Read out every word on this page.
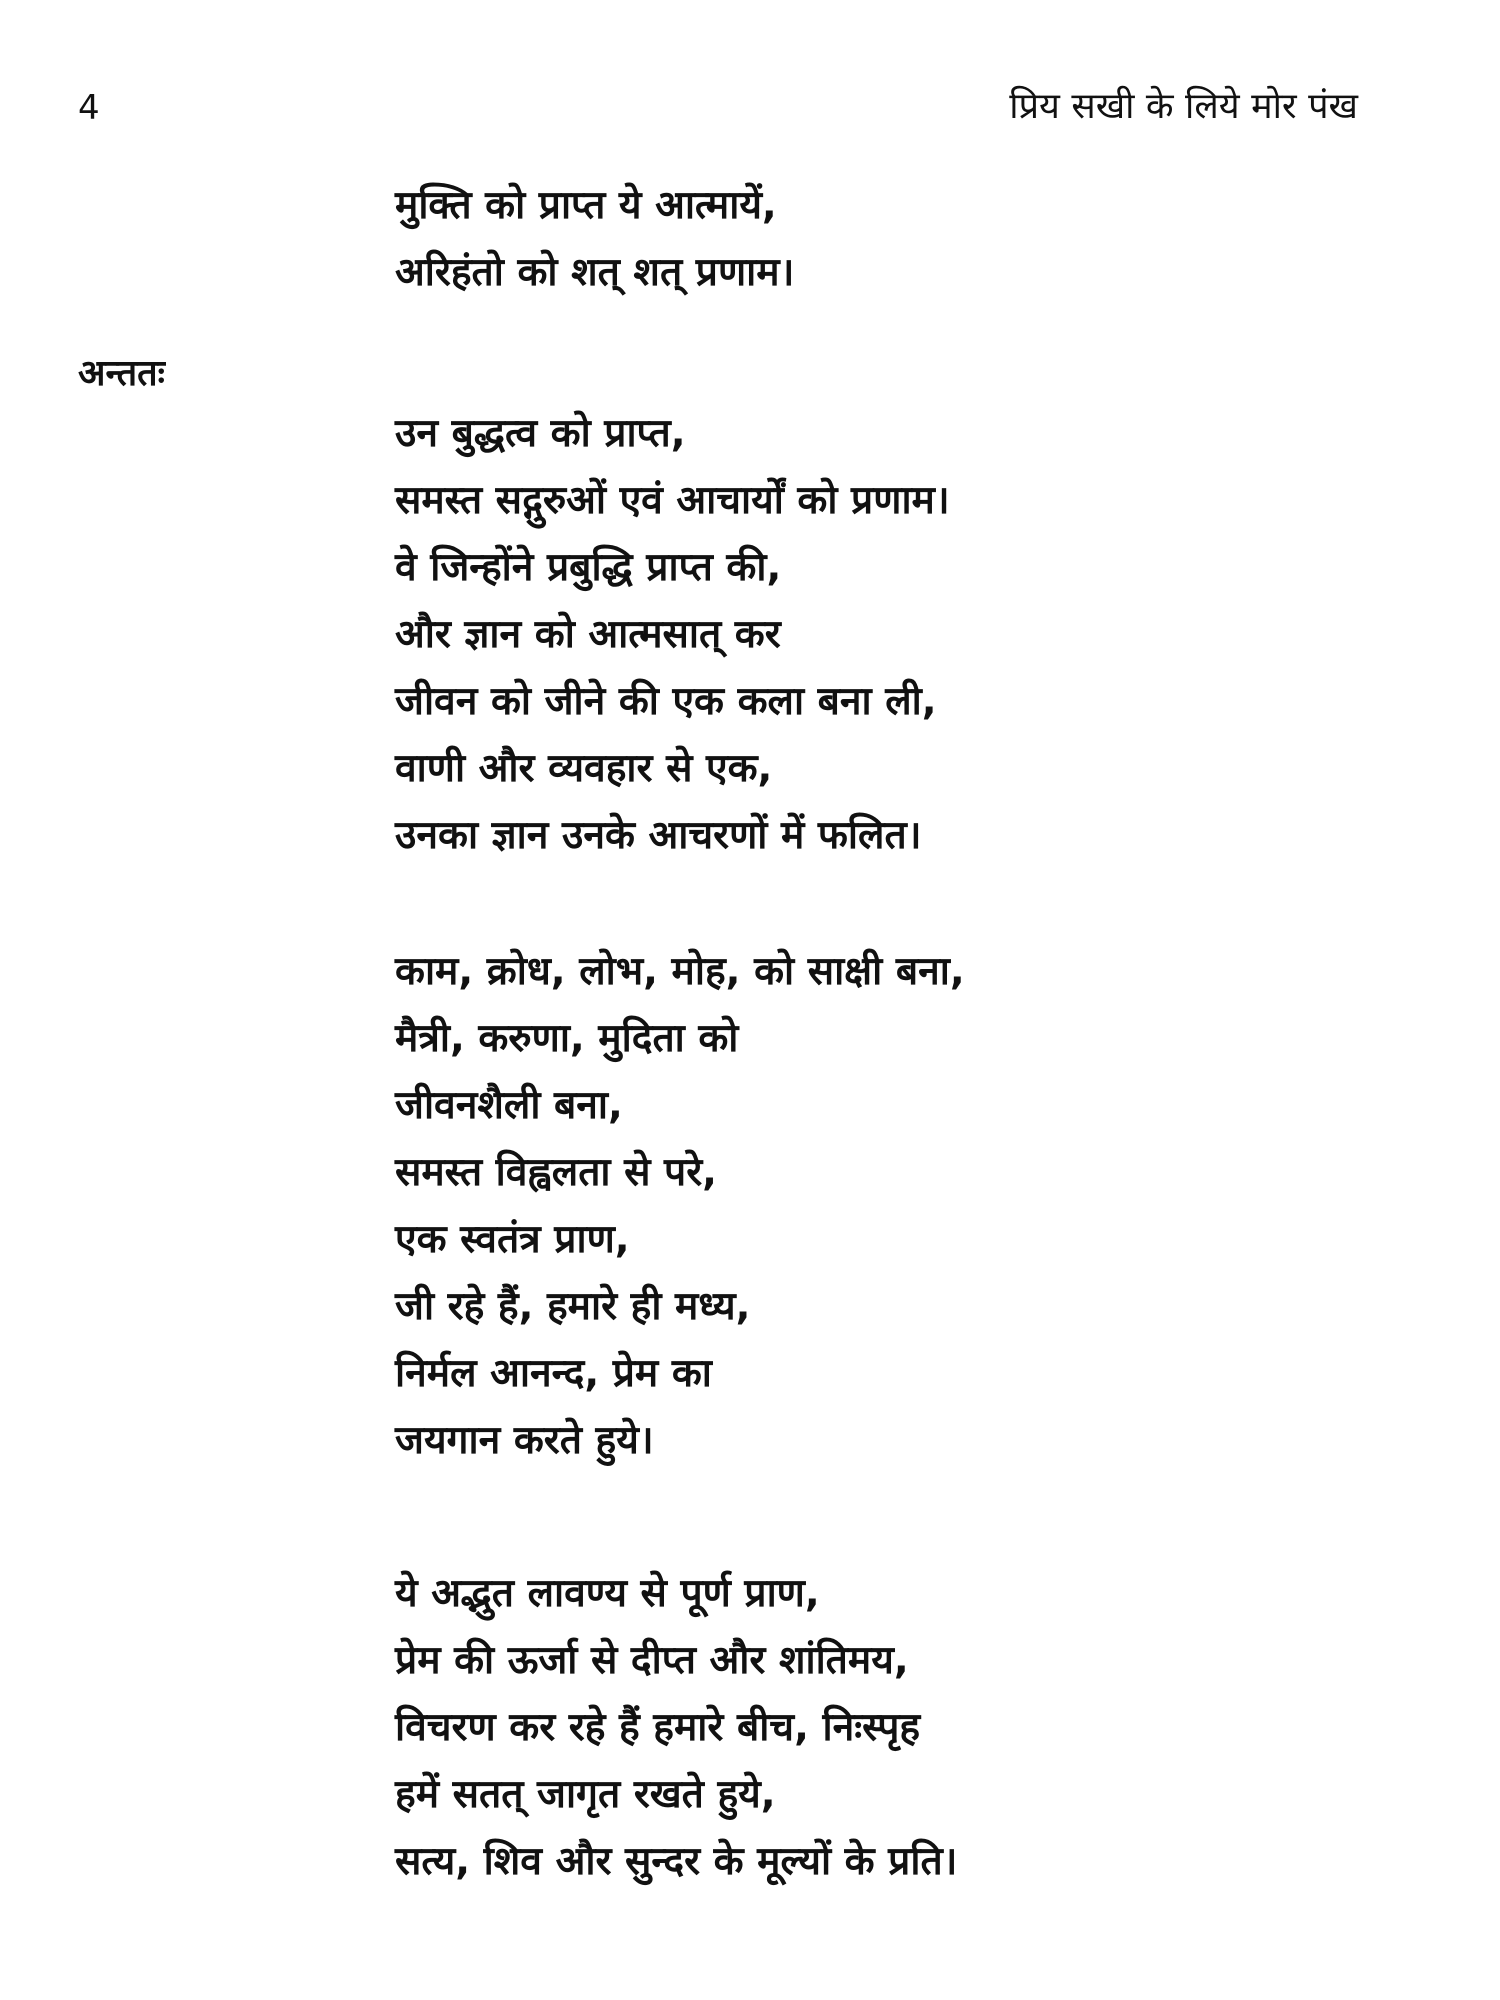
4	प्रिय सखी के लिये मोर पंख
मुक्ति को प्राप्त ये आत्मायें,
अरिहंतो को शत् शत् प्रणाम।
अन्ततः
उन बुद्धत्व को प्राप्त,
समस्त सद्गुरुओं एवं आचार्यों को प्रणाम।
वे जिन्होंने प्रबुद्धि प्राप्त की,
और ज्ञान को आत्मसात् कर
जीवन को जीने की एक कला बना ली,
वाणी और व्यवहार से एक,
उनका ज्ञान उनके आचरणों में फलित।
काम, क्रोध, लोभ, मोह, को साक्षी बना,
मैत्री, करुणा, मुदिता को
जीवनशैली बना,
समस्त विह्वलता से परे,
एक स्वतंत्र प्राण,
जी रहे हैं, हमारे ही मध्य,
निर्मल आनन्द, प्रेम का
जयगान करते हुये।
ये अद्भुत लावण्य से पूर्ण प्राण,
प्रेम की ऊर्जा से दीप्त और शांतिमय,
विचरण कर रहे हैं हमारे बीच, निःस्पृह
हमें सतत् जागृत रखते हुये,
सत्य, शिव और सुन्दर के मूल्यों के प्रति।
